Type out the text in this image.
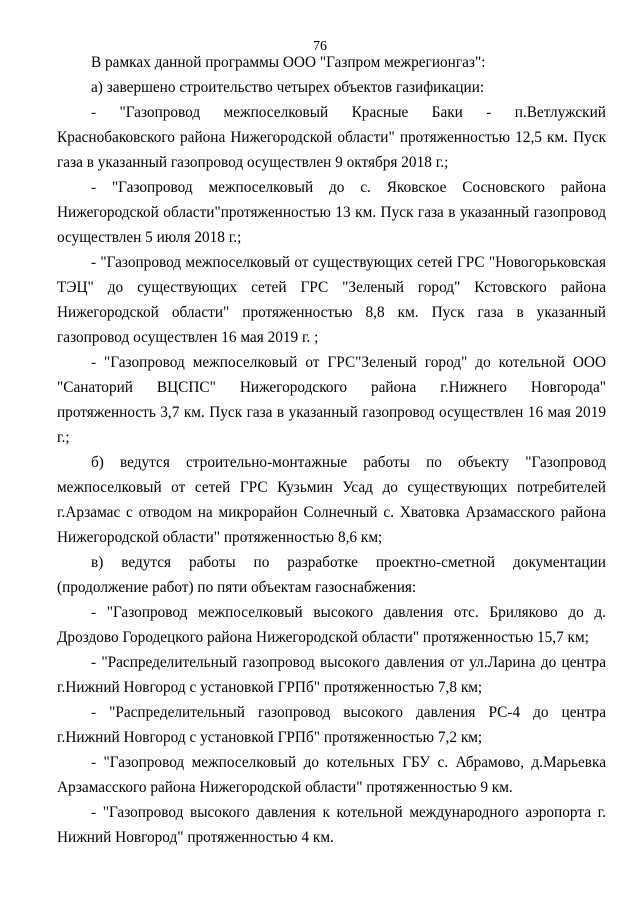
76

В рамках данной программы ООО "Газпром межрегионгаз":

а) завершено строительство четырех объектов газификации:

- "Газопровод межпоселковый Красные Баки - п.Ветлужский Краснобаковского района Нижегородской области" протяженностью 12,5 км. Пуск газа в указанный газопровод осуществлен 9 октября 2018 г.;

- "Газопровод межпоселковый до с. Яковское Сосновского района Нижегородской области"протяженностью 13 км. Пуск газа в указанный газопровод осуществлен 5 июля 2018 г.;

- "Газопровод межпоселковый от существующих сетей ГРС "Новогорьковская ТЭЦ" до существующих сетей ГРС "Зеленый город" Кстовского района Нижегородской области" протяженностью 8,8 км. Пуск газа в указанный газопровод осуществлен 16 мая 2019 г. ;

- "Газопровод межпоселковый от ГРС"Зеленый город" до котельной ООО "Санаторий ВЦСПС" Нижегородского района г.Нижнего Новгорода" протяженность 3,7 км. Пуск газа в указанный газопровод осуществлен 16 мая 2019 г.;

б) ведутся строительно-монтажные работы по объекту "Газопровод межпоселковый от сетей ГРС Кузьмин Усад до существующих потребителей г.Арзамас с отводом на микрорайон Солнечный с. Хватовка Арзамасского района Нижегородской области" протяженностью 8,6 км;

в) ведутся работы по разработке проектно-сметной документации (продолжение работ) по пяти объектам газоснабжения:

- "Газопровод межпоселковый высокого давления отс. Бриляково до д. Дроздово Городецкого района Нижегородской области" протяженностью 15,7 км;

- "Распределительный газопровод высокого давления от ул.Ларина до центра г.Нижний Новгород с установкой ГРПб" протяженностью 7,8 км;

- "Распределительный газопровод высокого давления РС-4 до центра г.Нижний Новгород с установкой ГРПб" протяженностью 7,2 км;

- "Газопровод межпоселковый до котельных ГБУ с. Абрамово, д.Марьевка Арзамасского района Нижегородской области" протяженностью 9 км.

- "Газопровод высокого давления к котельной международного аэропорта г. Нижний Новгород" протяженностью 4 км.
